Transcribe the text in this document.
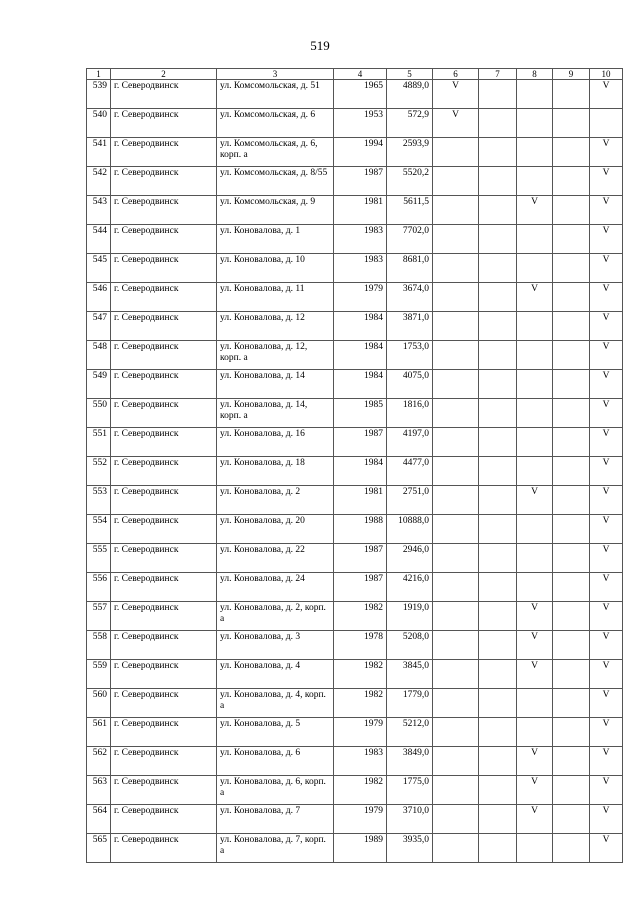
519
1	2	3	4	5	6	7	8	9	10
539	г. Северодвинск	ул. Комсомольская, д. 51	1965	4889,0	V				V
540	г. Северодвинск	ул. Комсомольская, д. 6	1953	572,9	V				
541	г. Северодвинск	ул. Комсомольская, д. 6, корп. а	1994	2593,9					V
542	г. Северодвинск	ул. Комсомольская, д. 8/55	1987	5520,2					V
543	г. Северодвинск	ул. Комсомольская, д. 9	1981	5611,5			V		V
544	г. Северодвинск	ул. Коновалова, д. 1	1983	7702,0					V
545	г. Северодвинск	ул. Коновалова, д. 10	1983	8681,0					V
546	г. Северодвинск	ул. Коновалова, д. 11	1979	3674,0			V		V
547	г. Северодвинск	ул. Коновалова, д. 12	1984	3871,0					V
548	г. Северодвинск	ул. Коновалова, д. 12, корп. а	1984	1753,0					V
549	г. Северодвинск	ул. Коновалова, д. 14	1984	4075,0					V
550	г. Северодвинск	ул. Коновалова, д. 14, корп. а	1985	1816,0					V
551	г. Северодвинск	ул. Коновалова, д. 16	1987	4197,0					V
552	г. Северодвинск	ул. Коновалова, д. 18	1984	4477,0					V
553	г. Северодвинск	ул. Коновалова, д. 2	1981	2751,0			V		V
554	г. Северодвинск	ул. Коновалова, д. 20	1988	10888,0					V
555	г. Северодвинск	ул. Коновалова, д. 22	1987	2946,0					V
556	г. Северодвинск	ул. Коновалова, д. 24	1987	4216,0					V
557	г. Северодвинск	ул. Коновалова, д. 2, корп. а	1982	1919,0			V		V
558	г. Северодвинск	ул. Коновалова, д. 3	1978	5208,0			V		V
559	г. Северодвинск	ул. Коновалова, д. 4	1982	3845,0			V		V
560	г. Северодвинск	ул. Коновалова, д. 4, корп. а	1982	1779,0					V
561	г. Северодвинск	ул. Коновалова, д. 5	1979	5212,0					V
562	г. Северодвинск	ул. Коновалова, д. 6	1983	3849,0			V		V
563	г. Северодвинск	ул. Коновалова, д. 6, корп. а	1982	1775,0			V		V
564	г. Северодвинск	ул. Коновалова, д. 7	1979	3710,0			V		V
565	г. Северодвинск	ул. Коновалова, д. 7, корп. а	1989	3935,0					V
